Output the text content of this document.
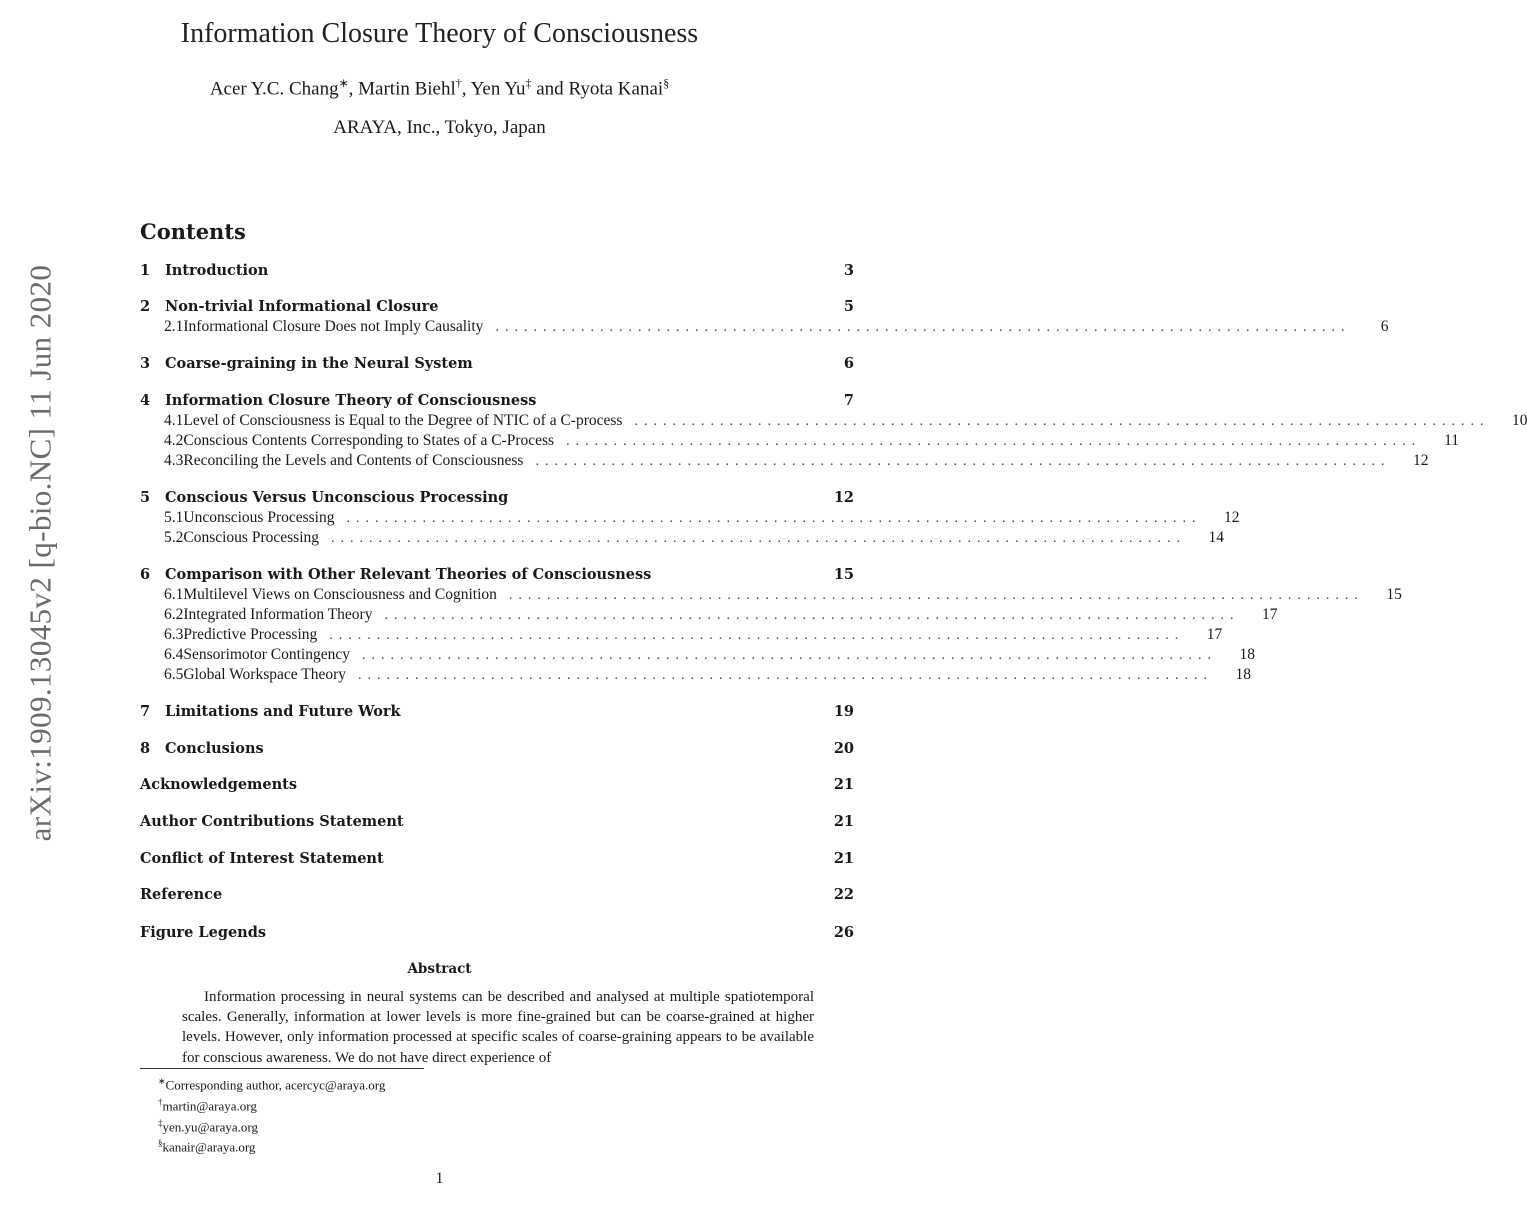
arXiv:1909.13045v2 [q-bio.NC] 11 Jun 2020
Information Closure Theory of Consciousness
Acer Y.C. Chang∗, Martin Biehl†, Yen Yu‡ and Ryota Kanai§
ARAYA, Inc., Tokyo, Japan
Contents
1	Introduction	3
2	Non-trivial Informational Closure	5
2.1 Informational Closure Does not Imply Causality ..........................................................................................	6
3	Coarse-graining in the Neural System	6
4	Information Closure Theory of Consciousness	7
4.1 Level of Consciousness is Equal to the Degree of NTIC of a C-process ..........................................................................................	10
4.2 Conscious Contents Corresponding to States of a C-Process ..........................................................................................	11
4.3 Reconciling the Levels and Contents of Consciousness ..........................................................................................	12
5	Conscious Versus Unconscious Processing	12
5.1 Unconscious Processing ..........................................................................................	12
5.2 Conscious Processing ..........................................................................................	14
6	Comparison with Other Relevant Theories of Consciousness	15
6.1 Multilevel Views on Consciousness and Cognition ..........................................................................................	15
6.2 Integrated Information Theory ..........................................................................................	17
6.3 Predictive Processing ..........................................................................................	17
6.4 Sensorimotor Contingency ..........................................................................................	18
6.5 Global Workspace Theory ..........................................................................................	18
7	Limitations and Future Work	19
8	Conclusions	20
Acknowledgements	21
Author Contributions Statement	21
Conflict of Interest Statement	21
Reference	22
Figure Legends	26
Abstract
Information processing in neural systems can be described and analysed at multiple spatiotemporal scales. Generally, information at lower levels is more fine-grained but can be coarse-grained at higher levels. However, only information processed at specific scales of coarse-graining appears to be available for conscious awareness. We do not have direct experience of
∗Corresponding author, acercyc@araya.org
†martin@araya.org
‡yen.yu@araya.org
§kanair@araya.org
1
